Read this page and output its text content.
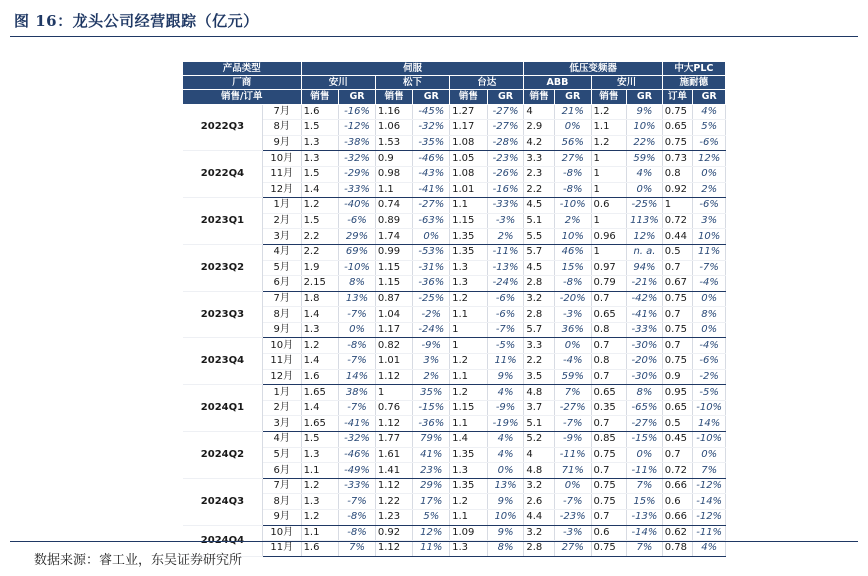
图 16：龙头公司经营跟踪（亿元）
产品类型		伺服						低压变频器				中大PLC	
厂商		安川		松下		台达		ABB		安川		施耐德	
销售/订单		销售	GR	销售	GR	销售	GR	销售	GR	销售	GR	订单	GR
2022Q3	7月	1.6	-16%	1.16	-45%	1.27	-27%	4	21%	1.2	9%	0.75	4%
	8月	1.5	-12%	1.06	-32%	1.17	-27%	2.9	0%	1.1	10%	0.65	5%
	9月	1.3	-38%	1.53	-35%	1.08	-28%	4.2	56%	1.2	22%	0.75	-6%
2022Q4	10月	1.3	-32%	0.9	-46%	1.05	-23%	3.3	27%	1	59%	0.73	12%
	11月	1.5	-29%	0.98	-43%	1.08	-26%	2.3	-8%	1	4%	0.8	0%
	12月	1.4	-33%	1.1	-41%	1.01	-16%	2.2	-8%	1	0%	0.92	2%
2023Q1	1月	1.2	-40%	0.74	-27%	1.1	-33%	4.5	-10%	0.6	-25%	1	-6%
	2月	1.5	-6%	0.89	-63%	1.15	-3%	5.1	2%	1	113%	0.72	3%
	3月	2.2	29%	1.74	0%	1.35	2%	5.5	10%	0.96	12%	0.44	10%
2023Q2	4月	2.2	69%	0.99	-53%	1.35	-11%	5.7	46%	1	n. a.	0.5	11%
	5月	1.9	-10%	1.15	-31%	1.3	-13%	4.5	15%	0.97	94%	0.7	-7%
	6月	2.15	8%	1.15	-36%	1.3	-24%	2.8	-8%	0.79	-21%	0.67	-4%
2023Q3	7月	1.8	13%	0.87	-25%	1.2	-6%	3.2	-20%	0.7	-42%	0.75	0%
	8月	1.4	-7%	1.04	-2%	1.1	-6%	2.8	-3%	0.65	-41%	0.7	8%
	9月	1.3	0%	1.17	-24%	1	-7%	5.7	36%	0.8	-33%	0.75	0%
2023Q4	10月	1.2	-8%	0.82	-9%	1	-5%	3.3	0%	0.7	-30%	0.7	-4%
	11月	1.4	-7%	1.01	3%	1.2	11%	2.2	-4%	0.8	-20%	0.75	-6%
	12月	1.6	14%	1.12	2%	1.1	9%	3.5	59%	0.7	-30%	0.9	-2%
2024Q1	1月	1.65	38%	1	35%	1.2	4%	4.8	7%	0.65	8%	0.95	-5%
	2月	1.4	-7%	0.76	-15%	1.15	-9%	3.7	-27%	0.35	-65%	0.65	-10%
	3月	1.65	-41%	1.12	-36%	1.1	-19%	5.1	-7%	0.7	-27%	0.5	14%
2024Q2	4月	1.5	-32%	1.77	79%	1.4	4%	5.2	-9%	0.85	-15%	0.45	-10%
	5月	1.3	-46%	1.61	41%	1.35	4%	4	-11%	0.75	0%	0.7	0%
	6月	1.1	-49%	1.41	23%	1.3	0%	4.8	71%	0.7	-11%	0.72	7%
2024Q3	7月	1.2	-33%	1.12	29%	1.35	13%	3.2	0%	0.75	7%	0.66	-12%
	8月	1.3	-7%	1.22	17%	1.2	9%	2.6	-7%	0.75	15%	0.6	-14%
	9月	1.2	-8%	1.23	5%	1.1	10%	4.4	-23%	0.7	-13%	0.66	-12%
2024Q4	10月	1.1	-8%	0.92	12%	1.09	9%	3.2	-3%	0.6	-14%	0.62	-11%
	11月	1.6	7%	1.12	11%	1.3	8%	2.8	27%	0.75	7%	0.78	4%
数据来源：睿工业，东吴证券研究所
